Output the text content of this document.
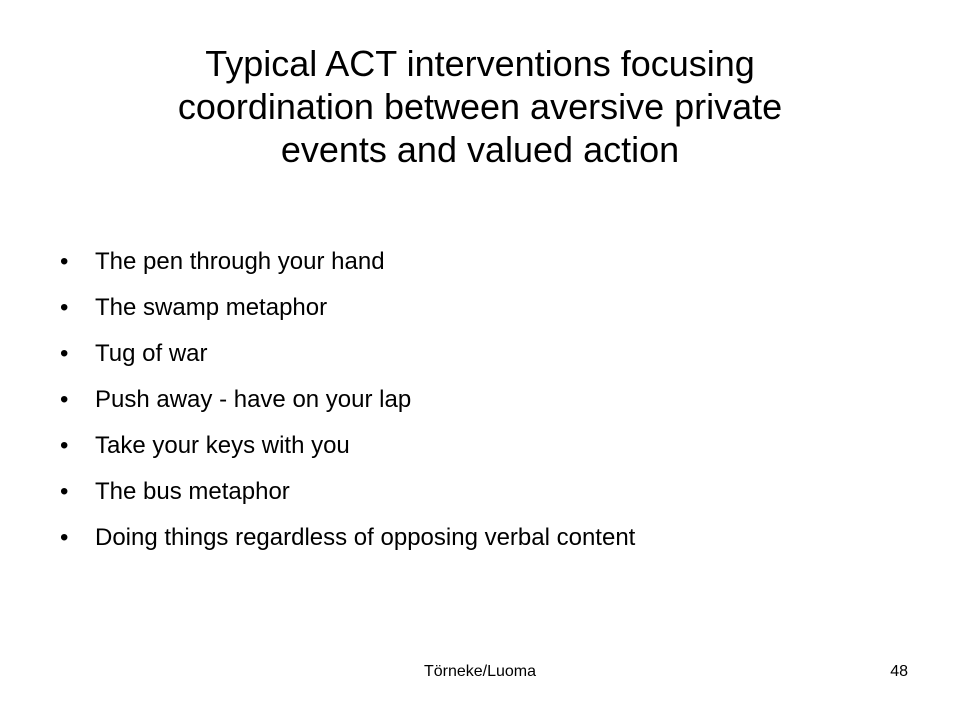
Typical ACT interventions focusing
coordination between aversive private
events and valued action
•	The pen through your hand
•	The swamp metaphor
•	Tug of war
•	Push away - have on your lap
•	Take your keys with you
•	The bus metaphor
•	Doing things regardless of opposing verbal content
Törneke/Luoma	48
